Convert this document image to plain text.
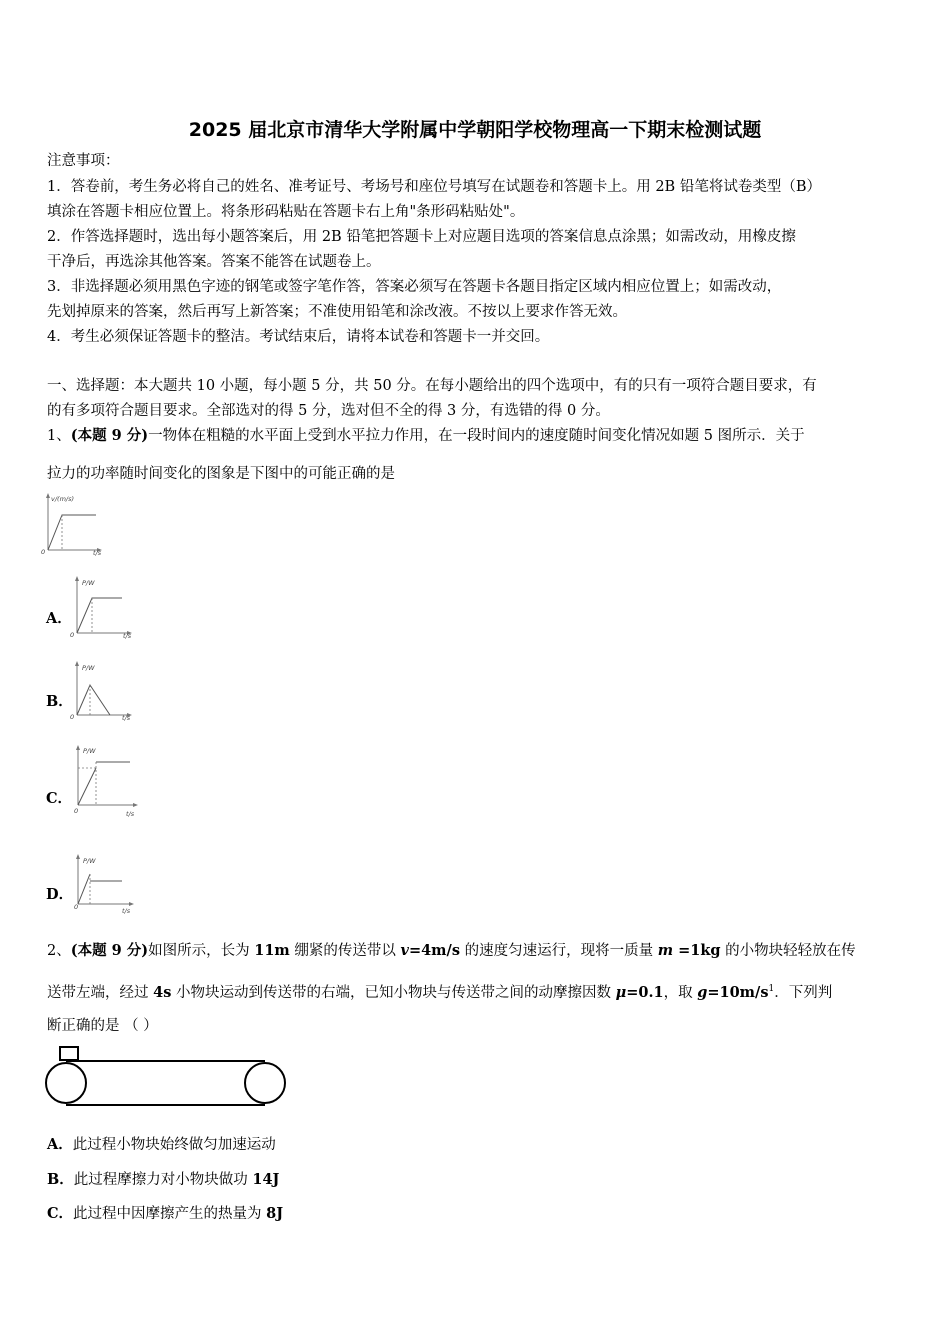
2025 届北京市清华大学附属中学朝阳学校物理高一下期末检测试题
注意事项：
1．答卷前，考生务必将自己的姓名、准考证号、考场号和座位号填写在试题卷和答题卡上。用 2B 铅笔将试卷类型（B）
填涂在答题卡相应位置上。将条形码粘贴在答题卡右上角"条形码粘贴处"。
2．作答选择题时，选出每小题答案后，用 2B 铅笔把答题卡上对应题目选项的答案信息点涂黑；如需改动，用橡皮擦
干净后，再选涂其他答案。答案不能答在试题卷上。
3．非选择题必须用黑色字迹的钢笔或签字笔作答，答案必须写在答题卡各题目指定区域内相应位置上；如需改动，
先划掉原来的答案，然后再写上新答案；不准使用铅笔和涂改液。不按以上要求作答无效。
4．考生必须保证答题卡的整洁。考试结束后，请将本试卷和答题卡一并交回。
一、选择题：本大题共 10 小题，每小题 5 分，共 50 分。在每小题给出的四个选项中，有的只有一项符合题目要求，有
的有多项符合题目要求。全部选对的得 5 分，选对但不全的得 3 分，有选错的得 0 分。
1、(本题 9 分)一物体在粗糙的水平面上受到水平拉力作用，在一段时间内的速度随时间变化情况如题 5 图所示．关于
拉力的功率随时间变化的图象是下图中的可能正确的是
v/(m/s)
0	t/s
A．
P/W
0	t/s
B．
P/W
0	t/s
C．
P/W
0	t/s
D．
P/W
0	t/s
2、(本题 9 分)如图所示，长为 11m 绷紧的传送带以 v=4m/s 的速度匀速运行，现将一质量 m =1kg 的小物块轻轻放在传
送带左端，经过 4s 小物块运动到传送带的右端，已知小物块与传送带之间的动摩擦因数 μ=0.1，取 $g=10m/s^1$．下列判
断正确的是 （ ）
A．此过程小物块始终做匀加速运动
B．此过程摩擦力对小物块做功 14J
C．此过程中因摩擦产生的热量为 8J
